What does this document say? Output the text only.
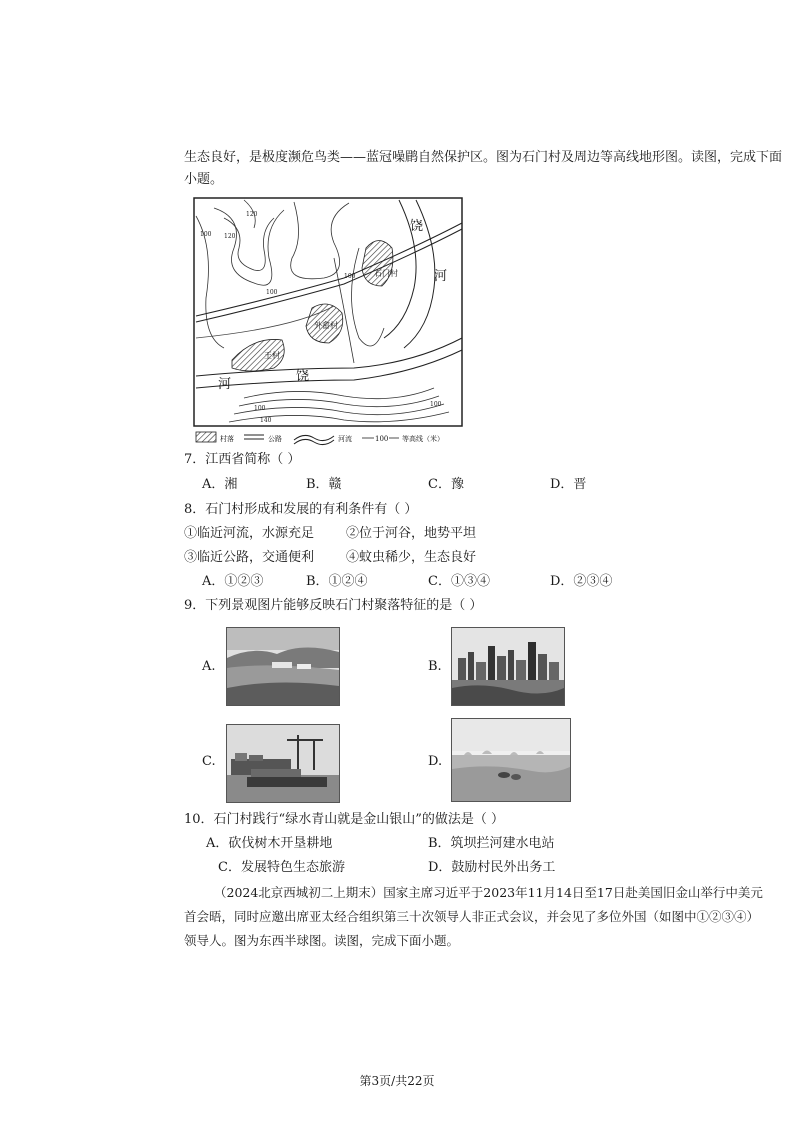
生态良好，是极度濒危鸟类——蓝冠噪鹛自然保护区。图为石门村及周边等高线地形图。读图，完成下面
小题。
石门村
外畲村
王村
饶
河
河
饶
100 120
120
100
100
100
140
100
村落	公路	河流	100 等高线（米）
7．江西省简称（ ）
A．湘	B．赣	C．豫	D．晋
8．石门村形成和发展的有利条件有（ ）
①临近河流，水源充足 ②位于河谷，地势平坦
③临近公路，交通便利 ④蚊虫稀少，生态良好
A．①②③	B．①②④	C．①③④	D．②③④
9．下列景观图片能够反映石门村聚落特征的是（ ）
A.	B.
C.	D.
10．石门村践行“绿水青山就是金山银山”的做法是（ ）
A．砍伐树木开垦耕地	B．筑坝拦河建水电站
C．发展特色生态旅游	D．鼓励村民外出务工
（2024北京西城初二上期末）国家主席习近平于2023年11月14日至17日赴美国旧金山举行中美元
首会晤，同时应邀出席亚太经合组织第三十次领导人非正式会议，并会见了多位外国（如图中①②③④）
领导人。图为东西半球图。读图，完成下面小题。
第3页/共22页
